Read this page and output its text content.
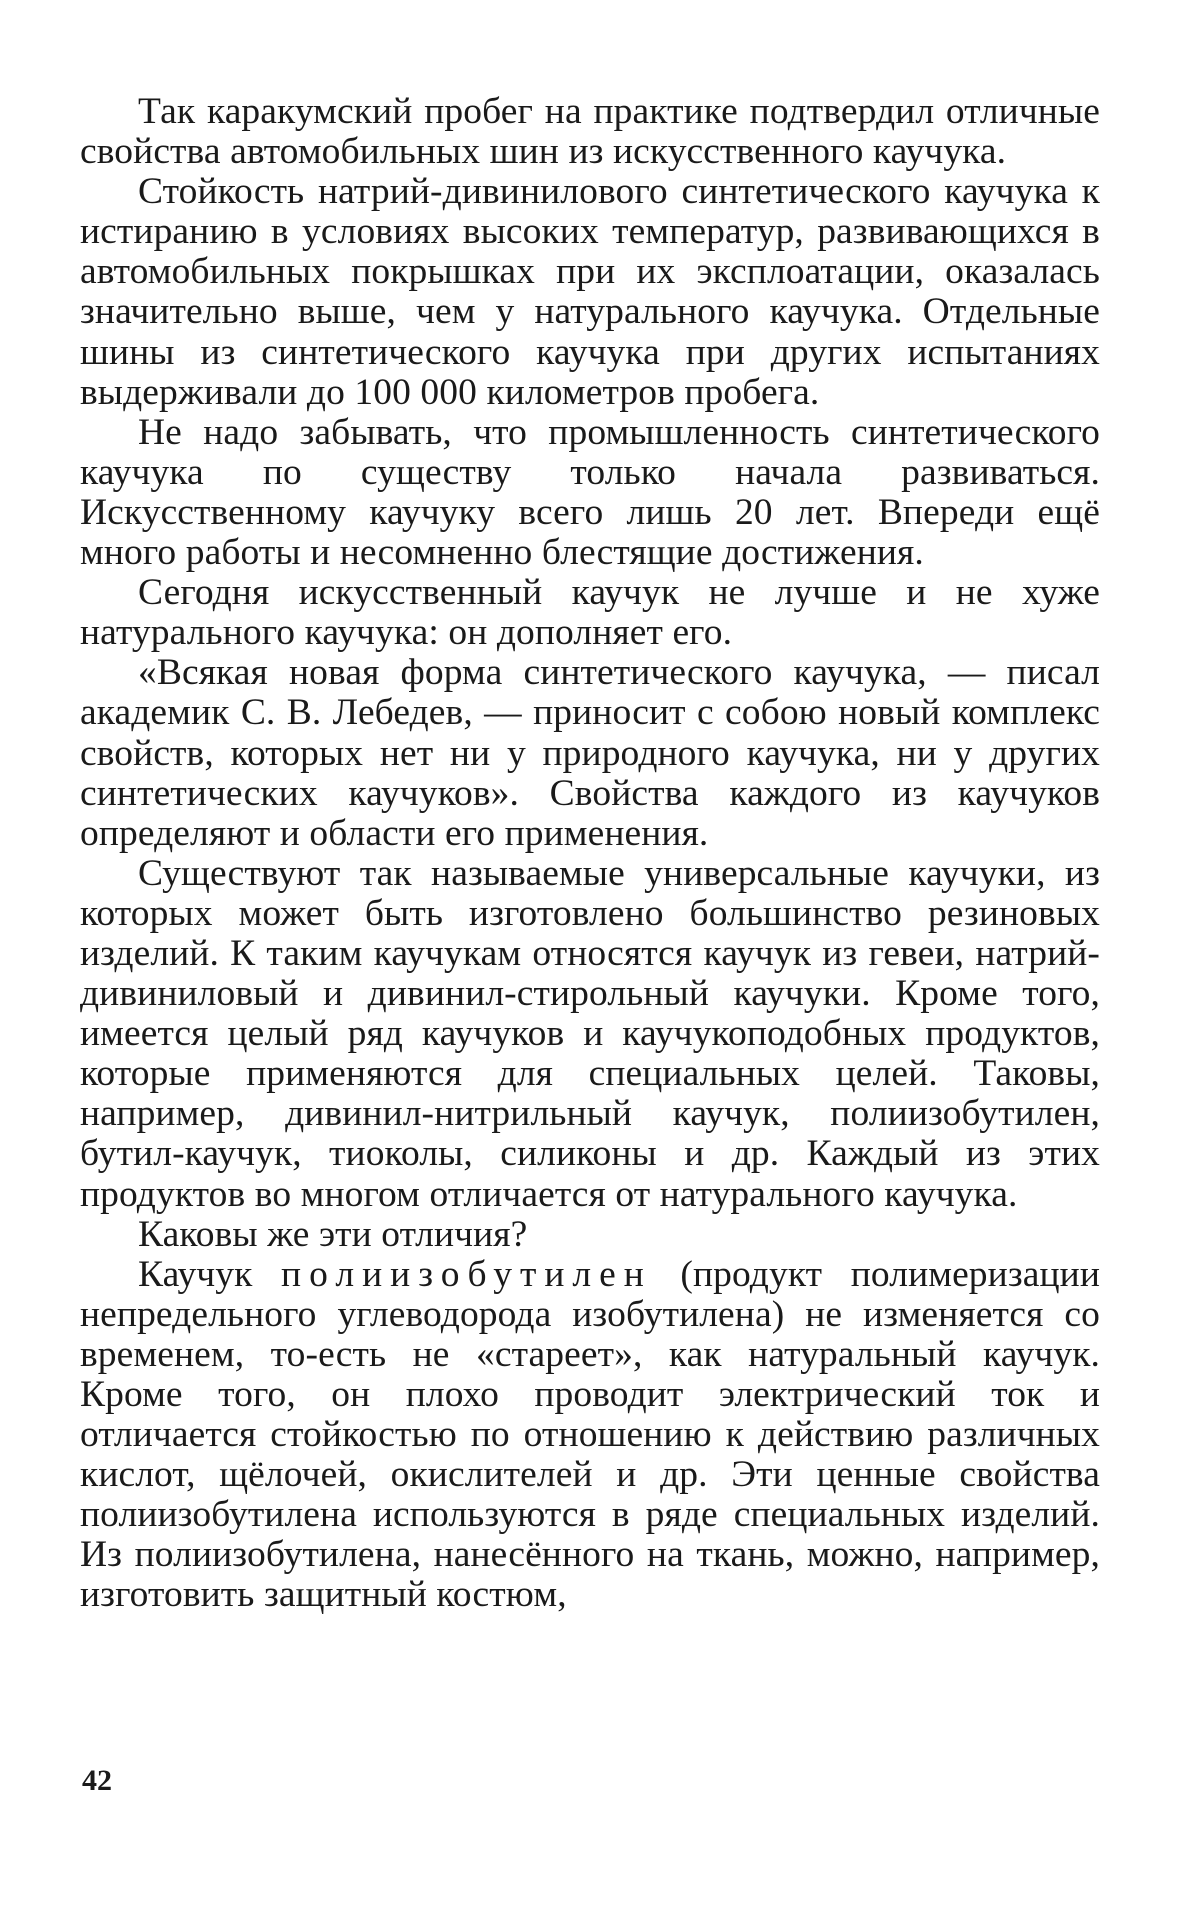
Так каракумский пробег на практике подтвердил отличные свойства автомобильных шин из искусственного каучука.

Стойкость натрий-дивинилового синтетического каучука к истиранию в условиях высоких температур, развивающихся в автомобильных покрышках при их эксплоатации, оказалась значительно выше, чем у натурального каучука. Отдельные шины из синтетического каучука при других испытаниях выдерживали до 100 000 километров пробега.

Не надо забывать, что промышленность синтетического каучука по существу только начала развиваться. Искусственному каучуку всего лишь 20 лет. Впереди ещё много работы и несомненно блестящие достижения.

Сегодня искусственный каучук не лучше и не хуже натурального каучука: он дополняет его.

«Всякая новая форма синтетического каучука, — писал академик С. В. Лебедев, — приносит с собою новый комплекс свойств, которых нет ни у природного каучука, ни у других синтетических каучуков». Свойства каждого из каучуков определяют и области его применения.

Существуют так называемые универсальные каучуки, из которых может быть изготовлено большинство резиновых изделий. К таким каучукам относятся каучук из гевеи, натрий-дивиниловый и дивинил-стирольный каучуки. Кроме того, имеется целый ряд каучуков и каучукоподобных продуктов, которые применяются для специальных целей. Таковы, например, дивинил-нитрильный каучук, полиизобутилен, бутил-каучук, тиоколы, силиконы и др. Каждый из этих продуктов во многом отличается от натурального каучука.

Каковы же эти отличия?

Каучук полиизобутилен (продукт полимеризации непредельного углеводорода изобутилена) не изменяется со временем, то-есть не «стареет», как натуральный каучук. Кроме того, он плохо проводит электрический ток и отличается стойкостью по отношению к действию различных кислот, щёлочей, окислителей и др. Эти ценные свойства полиизобутилена используются в ряде специальных изделий. Из полиизобутилена, нанесённого на ткань, можно, например, изготовить защитный костюм,

42
